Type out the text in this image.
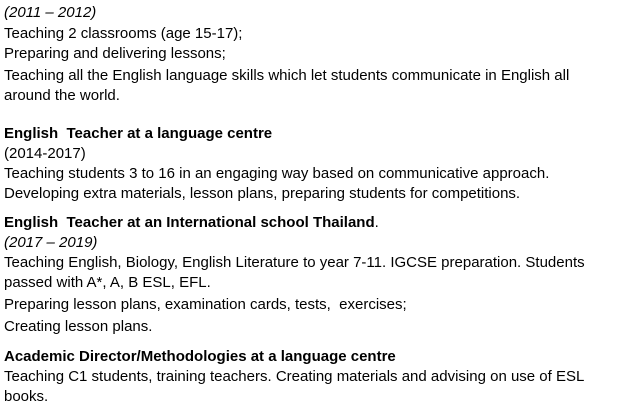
(2011 – 2012)

Teaching 2 classrooms (age 15-17);

Preparing and delivering lessons;

Teaching all the English language skills which let students communicate in English all

around the world.

English  Teacher at a language centre

(2014-2017)

Teaching students 3 to 16 in an engaging way based on communicative approach.

Developing extra materials, lesson plans, preparing students for competitions.

English  Teacher at an International school Thailand.

(2017 – 2019)

Teaching English, Biology, English Literature to year 7-11. IGCSE preparation. Students

passed with A*, A, B ESL, EFL.

Preparing lesson plans, examination cards, tests,  exercises;

Creating lesson plans.

Academic Director/Methodologies at a language centre

Teaching C1 students, training teachers. Creating materials and advising on use of ESL

books.
